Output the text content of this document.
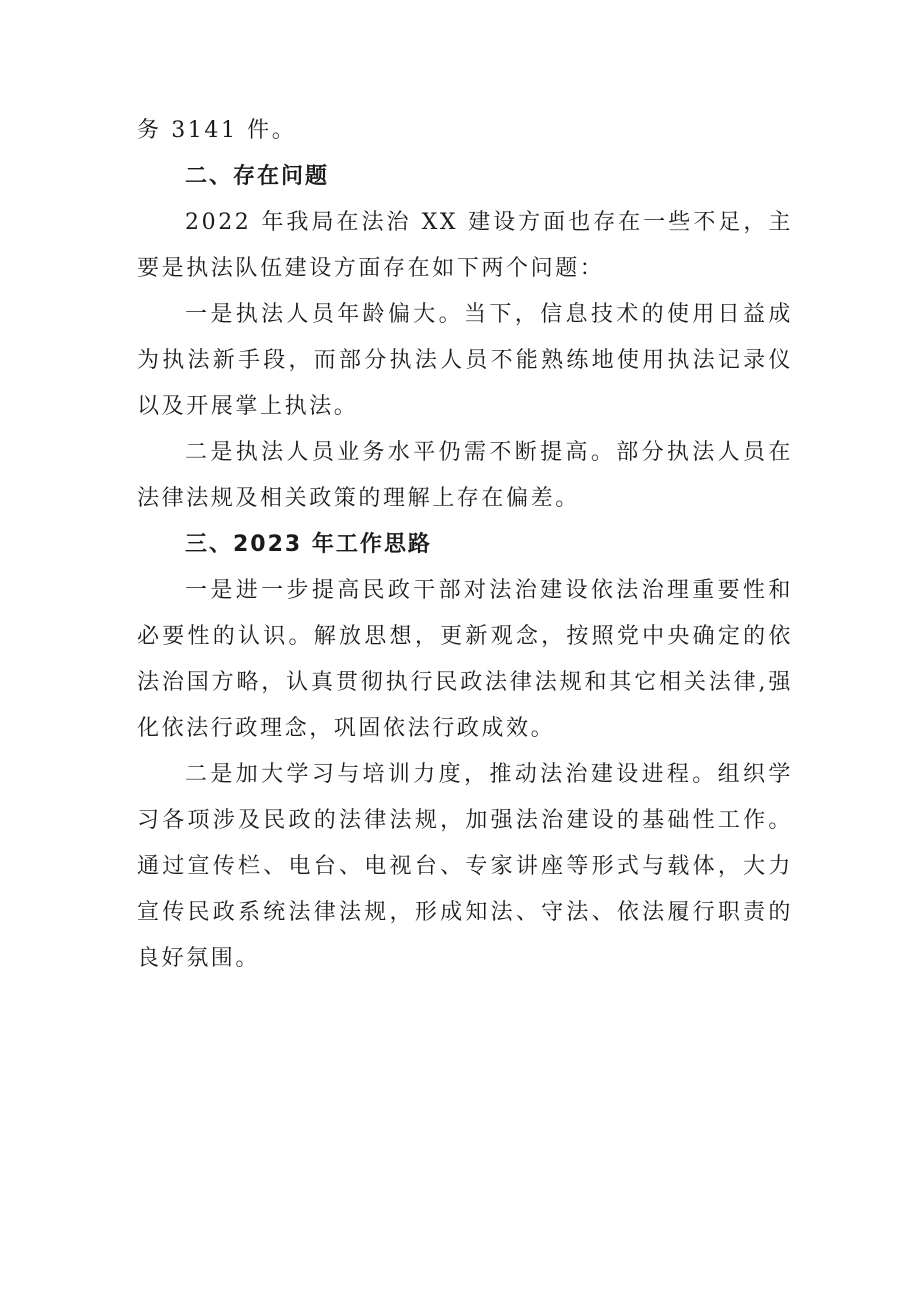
务 3141 件。

二、存在问题

2022 年我局在法治 XX 建设方面也存在一些不足，主要是执法队伍建设方面存在如下两个问题：

一是执法人员年龄偏大。当下，信息技术的使用日益成为执法新手段，而部分执法人员不能熟练地使用执法记录仪以及开展掌上执法。

二是执法人员业务水平仍需不断提高。部分执法人员在法律法规及相关政策的理解上存在偏差。

三、2023 年工作思路

一是进一步提高民政干部对法治建设依法治理重要性和必要性的认识。解放思想，更新观念，按照党中央确定的依法治国方略，认真贯彻执行民政法律法规和其它相关法律,强化依法行政理念，巩固依法行政成效。

二是加大学习与培训力度，推动法治建设进程。组织学习各项涉及民政的法律法规，加强法治建设的基础性工作。通过宣传栏、电台、电视台、专家讲座等形式与载体，大力宣传民政系统法律法规，形成知法、守法、依法履行职责的良好氛围。
